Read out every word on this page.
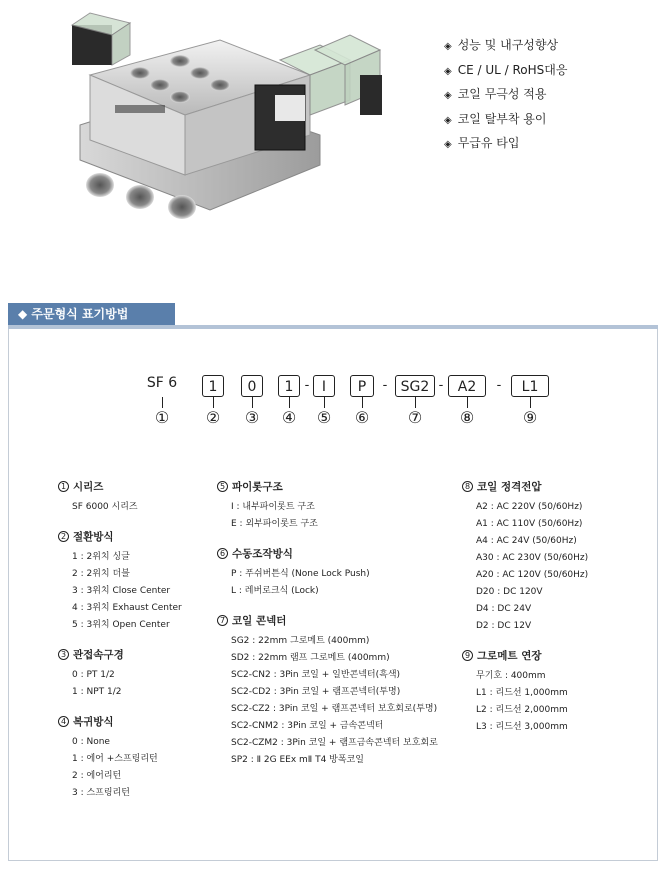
◈ 성능 및 내구성향상
◈ CE / UL / RoHS대응
◈ 코일 무극성 적용
◈ 코일 탈부착 용이
◈ 무급유 타입
◆ 주문형식 표기방법
SF 6	1	0	1 - I	P	- SG2 -	A2	-	L1
① ② ③ ④ ⑤ ⑥ ⑦ ⑧	⑨
1 시리즈
SF 6000 시리즈
2 절환방식
1 : 2위치 싱글
2 : 2위치 더블
3 : 3위치 Close Center
4 : 3위치 Exhaust Center
5 : 3위치 Open Center
3 관접속구경
0 : PT 1/2
1 : NPT 1/2
4 복귀방식
0 : None
1 : 에어 +스프링리턴
2 : 에어리턴
3 : 스프링리턴
5 파이롯구조
I : 내부파이롯트 구조
E : 외부파이롯트 구조
6 수동조작방식
P : 푸쉬버튼식 (None Lock Push)
L : 레버로크식 (Lock)
7 코일 콘넥터
SG2 : 22mm 그로메트 (400mm)
SD2 : 22mm 램프 그로메트 (400mm)
SC2-CN2 : 3Pin 코일 + 일반콘넥터(흑색)
SC2-CD2 : 3Pin 코일 + 램프콘넥터(투명)
SC2-CZ2 : 3Pin 코일 + 램프콘넥터 보호회로(투명)
SC2-CNM2 : 3Pin 코일 + 금속콘넥터
SC2-CZM2 : 3Pin 코일 + 램프금속콘넥터 보호회로
SP2 : Ⅱ 2G EEx mⅡ T4 방폭코일
8 코일 정격전압
A2 : AC 220V (50/60Hz)
A1 : AC 110V (50/60Hz)
A4 : AC 24V (50/60Hz)
A30 : AC 230V (50/60Hz)
A20 : AC 120V (50/60Hz)
D20 : DC 120V
D4 : DC 24V
D2 : DC 12V
9 그로메트 연장
무기호 : 400mm
L1 : 리드선 1,000mm
L2 : 리드선 2,000mm
L3 : 리드선 3,000mm
